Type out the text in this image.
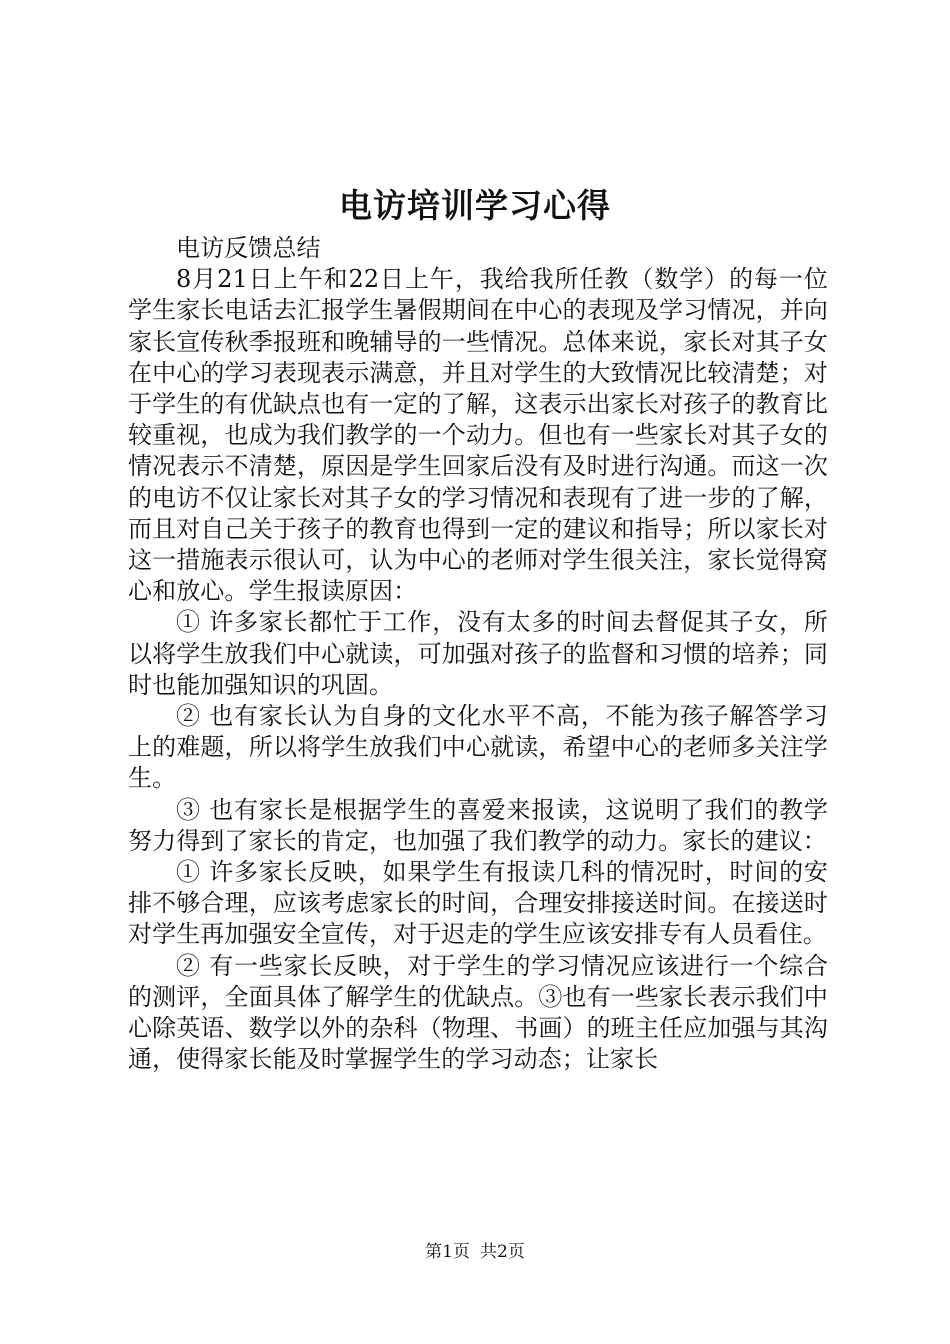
电访培训学习心得

电访反馈总结

8月21日上午和22日上午，我给我所任教（数学）的每一位学生家长电话去汇报学生暑假期间在中心的表现及学习情况，并向家长宣传秋季报班和晚辅导的一些情况。总体来说，家长对其子女在中心的学习表现表示满意，并且对学生的大致情况比较清楚；对于学生的有优缺点也有一定的了解，这表示出家长对孩子的教育比较重视，也成为我们教学的一个动力。但也有一些家长对其子女的情况表示不清楚，原因是学生回家后没有及时进行沟通。而这一次的电访不仅让家长对其子女的学习情况和表现有了进一步的了解，而且对自己关于孩子的教育也得到一定的建议和指导；所以家长对这一措施表示很认可，认为中心的老师对学生很关注，家长觉得窝心和放心。学生报读原因：

① 许多家长都忙于工作，没有太多的时间去督促其子女，所以将学生放我们中心就读，可加强对孩子的监督和习惯的培养；同时也能加强知识的巩固。

② 也有家长认为自身的文化水平不高，不能为孩子解答学习上的难题，所以将学生放我们中心就读，希望中心的老师多关注学生。

③ 也有家长是根据学生的喜爱来报读，这说明了我们的教学努力得到了家长的肯定，也加强了我们教学的动力。家长的建议：

① 许多家长反映，如果学生有报读几科的情况时，时间的安排不够合理，应该考虑家长的时间，合理安排接送时间。在接送时对学生再加强安全宣传，对于迟走的学生应该安排专有人员看住。

② 有一些家长反映，对于学生的学习情况应该进行一个综合的测评，全面具体了解学生的优缺点。③也有一些家长表示我们中心除英语、数学以外的杂科（物理、书画）的班主任应加强与其沟通，使得家长能及时掌握学生的学习动态；让家长

第1页 共2页
